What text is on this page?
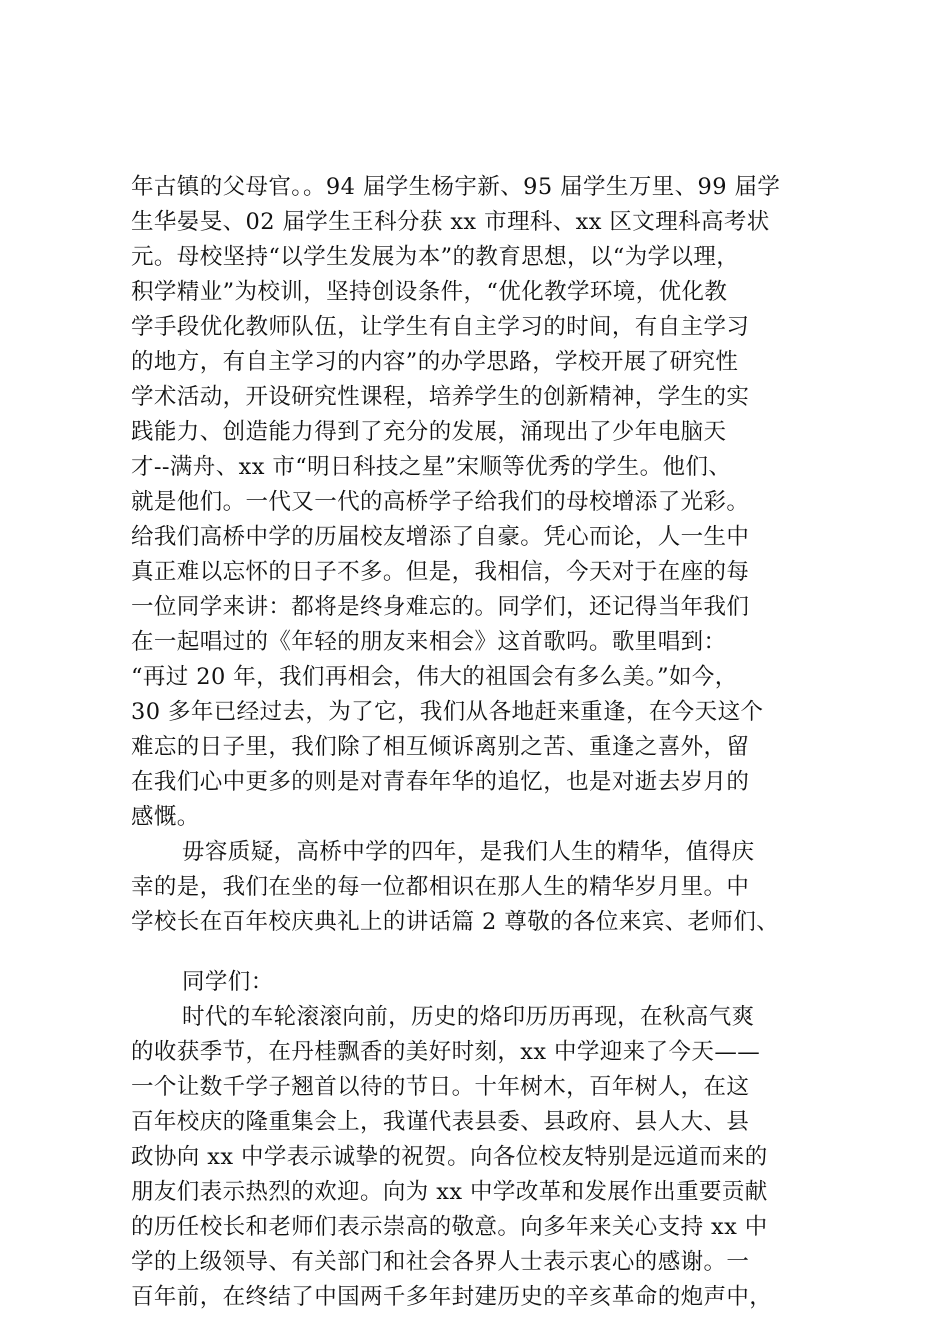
年古镇的父母官。。94 届学生杨宇新、95 届学生万里、99 届学
生华晏旻、02 届学生王科分获 xx 市理科、xx 区文理科高考状
元。母校坚持“以学生发展为本”的教育思想，以“为学以理，
积学精业”为校训，坚持创设条件，“优化教学环境，优化教
学手段优化教师队伍，让学生有自主学习的时间，有自主学习
的地方，有自主学习的内容”的办学思路，学校开展了研究性
学术活动，开设研究性课程，培养学生的创新精神，学生的实
践能力、创造能力得到了充分的发展，涌现出了少年电脑天
才--满舟、xx 市“明日科技之星”宋顺等优秀的学生。他们、
就是他们。一代又一代的高桥学子给我们的母校增添了光彩。
给我们高桥中学的历届校友增添了自豪。凭心而论，人一生中
真正难以忘怀的日子不多。但是，我相信，今天对于在座的每
一位同学来讲：都将是终身难忘的。同学们，还记得当年我们
在一起唱过的《年轻的朋友来相会》这首歌吗。歌里唱到：
“再过 20 年，我们再相会，伟大的祖国会有多么美。”如今，
30 多年已经过去，为了它，我们从各地赶来重逢，在今天这个
难忘的日子里，我们除了相互倾诉离别之苦、重逢之喜外，留
在我们心中更多的则是对青春年华的追忆，也是对逝去岁月的
感慨。
毋容质疑，高桥中学的四年，是我们人生的精华，值得庆
幸的是，我们在坐的每一位都相识在那人生的精华岁月里。中
学校长在百年校庆典礼上的讲话篇 2 尊敬的各位来宾、老师们、
同学们：
时代的车轮滚滚向前，历史的烙印历历再现，在秋高气爽
的收获季节，在丹桂飘香的美好时刻，xx 中学迎来了今天——
一个让数千学子翘首以待的节日。十年树木，百年树人，在这
百年校庆的隆重集会上，我谨代表县委、县政府、县人大、县
政协向 xx 中学表示诚挚的祝贺。向各位校友特别是远道而来的
朋友们表示热烈的欢迎。向为 xx 中学改革和发展作出重要贡献
的历任校长和老师们表示崇高的敬意。向多年来关心支持 xx 中
学的上级领导、有关部门和社会各界人士表示衷心的感谢。一
百年前，在终结了中国两千多年封建历史的辛亥革命的炮声中，
